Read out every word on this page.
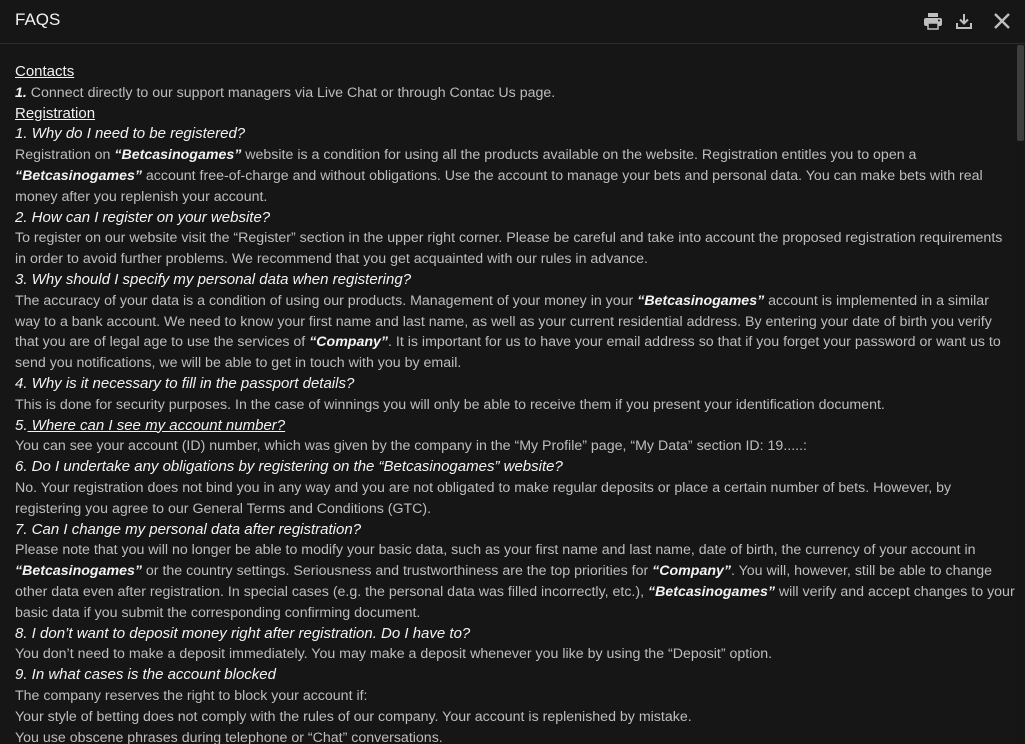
FAQS

Contacts

1. Connect directly to our support managers via Live Chat or through Contac Us page.

Registration

1. Why do I need to be registered?

Registration on “Betcasinogames” website is a condition for using all the products available on the website. Registration entitles you to open a
“Betcasinogames” account free-of-charge and without obligations. Use the account to manage your bets and personal data. You can make bets with real money after you replenish your account.

2. How can I register on your website?

To register on our website visit the “Register” section in the upper right corner. Please be careful and take into account the proposed registration requirements in order to avoid further problems. We recommend that you get acquainted with our rules in advance.

3. Why should I specify my personal data when registering?

The accuracy of your data is a condition of using our products. Management of your money in your “Betcasinogames” account is implemented in a similar way to a bank account. We need to know your first name and last name, as well as your current residential address. By entering your date of birth you verify that you are of legal age to use the services of “Company”. It is important for us to have your email address so that if you forget your password or want us to send you notifications, we will be able to get in touch with you by email.

4. Why is it necessary to fill in the passport details?

This is done for security purposes. In the case of winnings you will only be able to receive them if you present your identification document.

5. Where can I see my account number?

You can see your account (ID) number, which was given by the company in the “My Profile” page, “My Data” section ID: 19.....:

6. Do I undertake any obligations by registering on the “Betcasinogames” website?

No. Your registration does not bind you in any way and you are not obligated to make regular deposits or place a certain number of bets. However, by registering you agree to our General Terms and Conditions (GTC).

7. Can I change my personal data after registration?

Please note that you will no longer be able to modify your basic data, such as your first name and last name, date of birth, the currency of your account in
“Betcasinogames” or the country settings. Seriousness and trustworthiness are the top priorities for “Company”. You will, however, still be able to change other data even after registration. In special cases (e.g. the personal data was filled incorrectly, etc.), “Betcasinogames” will verify and accept changes to your basic data if you submit the corresponding confirming document.

8. I don’t want to deposit money right after registration. Do I have to?

You don’t need to make a deposit immediately. You may make a deposit whenever you like by using the “Deposit” option.

9. In what cases is the account blocked

The company reserves the right to block your account if:

Your style of betting does not comply with the rules of our company. Your account is replenished by mistake.

You use obscene phrases during telephone or “Chat” conversations.
